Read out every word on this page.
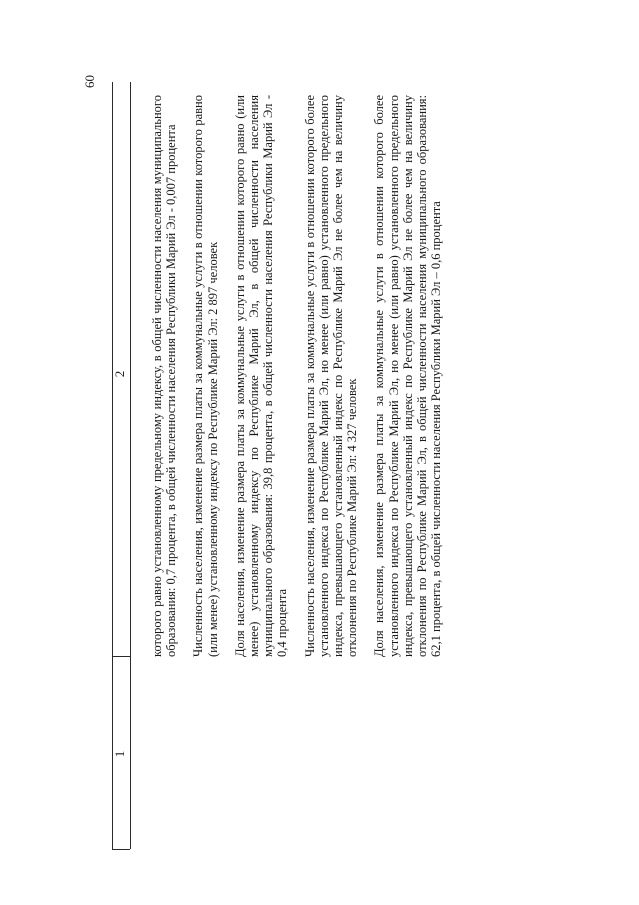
60
1
2 которого равно установленному предельному индексу, в общей численности населения муниципального образования: 0,7 процента, в общей численности населения Республики Марий Эл - 0,007 процента Численность населения, изменение размера платы за коммунальные услуги в отношении которого равно (или менее) установленному индексу по Республике Марий Эл: 2 897 человек Доля населения, изменение размера платы за коммунальные услуги в отношении которого равно (или менее) установленному индексу по Республике Марий Эл, в общей численности населения муниципального образования: 39,8 процента, в общей численности населения Республики Марий Эл - 0,4 процента Численность населения, изменение размера платы за коммунальные услуги в отношении которого более установленного индекса по Республике Марий Эл, но менее (или равно) установленного предельного индекса, превышающего установленный индекс по Республике Марий Эл не более чем на величину отклонения по Республике Марий Эл: 4 327 человек Доля населения, изменение размера платы за коммунальные услуги в отношении которого более установленного индекса по Республике Марий Эл, но менее (или равно) установленного предельного индекса, превышающего установленный индекс по Республике Марий Эл не более чем на величину отклонения по Республике Марий Эл, в общей численности населения муниципального образования: 62,1 процента, в общей численности населения Республики Марий Эл – 0,6 процента
